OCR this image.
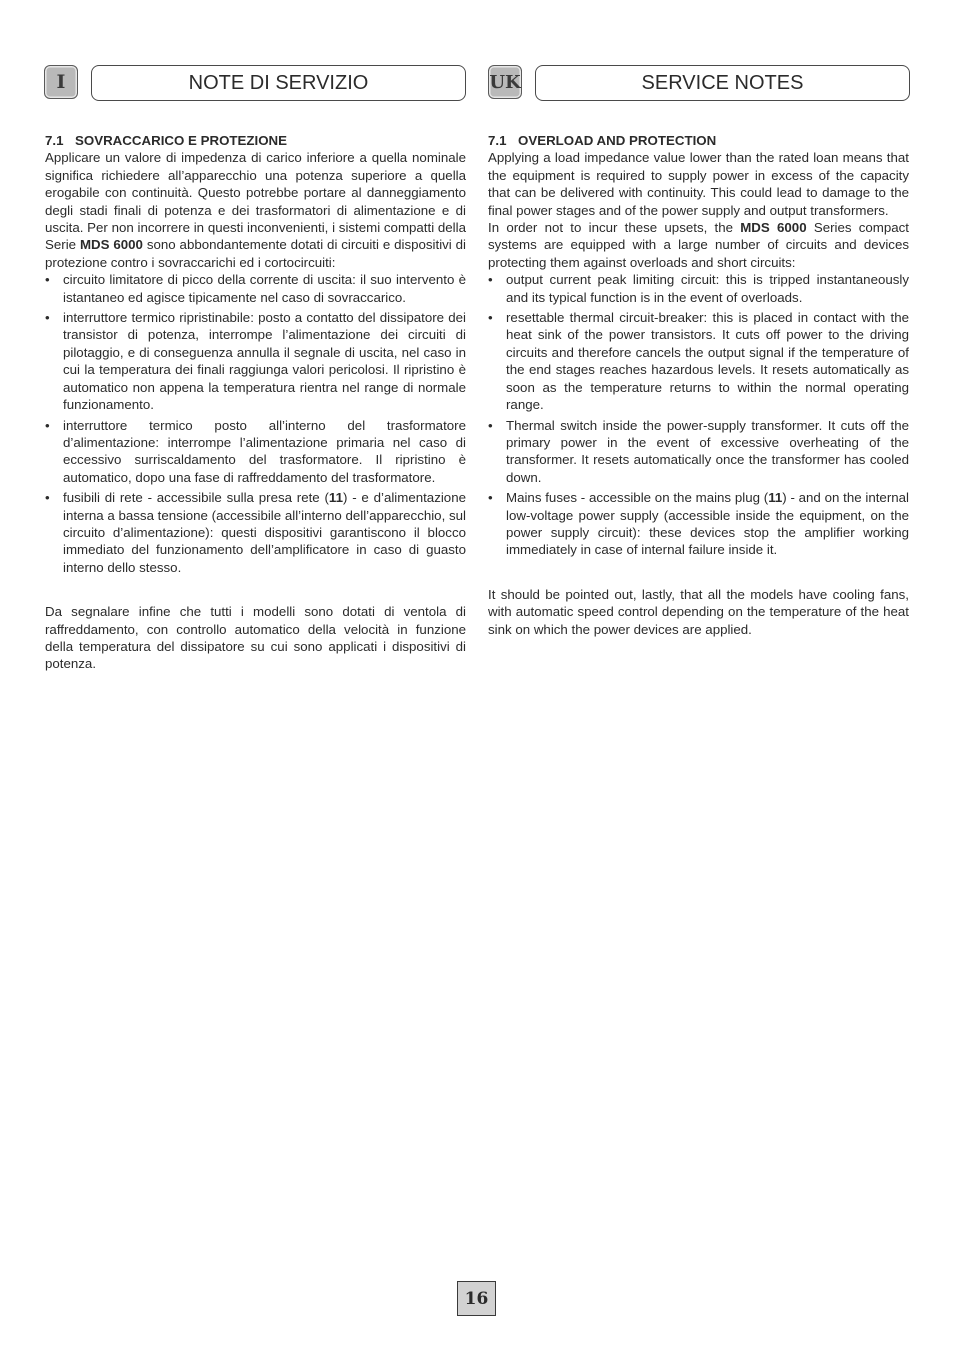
I	NOTE DI SERVIZIO	UK	SERVICE NOTES

7.1 SOVRACCARICO E PROTEZIONE

Applicare un valore di impedenza di carico inferiore a quella nominale significa richiedere all’apparecchio una potenza superiore a quella erogabile con continuità. Questo potrebbe portare al danneggiamento degli stadi finali di potenza e dei trasformatori di alimentazione e di uscita. Per non incorrere in questi inconvenienti, i sistemi compatti della Serie MDS 6000 sono abbondantemente dotati di circuiti e dispositivi di protezione contro i sovraccarichi ed i cortocircuiti:

• circuito limitatore di picco della corrente di uscita: il suo intervento è istantaneo ed agisce tipicamente nel caso di sovraccarico.
• interruttore termico ripristinabile: posto a contatto del dissipatore dei transistor di potenza, interrompe l’alimentazione dei circuiti di pilotaggio, e di conseguenza annulla il segnale di uscita, nel caso in cui la temperatura dei finali raggiunga valori pericolosi. Il ripristino è automatico non appena la temperatura rientra nel range di normale funzionamento.
• interruttore termico posto all’interno del trasformatore d’alimentazione: interrompe l’alimentazione primaria nel caso di eccessivo surriscaldamento del trasformatore. Il ripristino è automatico, dopo una fase di raffreddamento del trasformatore.
• fusibili di rete - accessibile sulla presa rete (11) - e d’alimentazione interna a bassa tensione (accessibile all’interno dell’apparecchio, sul circuito d’alimentazione): questi dispositivi garantiscono il blocco immediato del funzionamento dell’amplificatore in caso di guasto interno dello stesso.

Da segnalare infine che tutti i modelli sono dotati di ventola di raffreddamento, con controllo automatico della velocità in funzione della temperatura del dissipatore su cui sono applicati i dispositivi di potenza.

7.1 OVERLOAD AND PROTECTION

Applying a load impedance value lower than the rated loan means that the equipment is required to supply power in excess of the capacity that can be delivered with continuity. This could lead to damage to the final power stages and of the power supply and output transformers.

In order not to incur these upsets, the MDS 6000 Series compact systems are equipped with a large number of circuits and devices protecting them against overloads and short circuits:

• output current peak limiting circuit: this is tripped instantaneously and its typical function is in the event of overloads.
• resettable thermal circuit-breaker: this is placed in contact with the heat sink of the power transistors. It cuts off power to the driving circuits and therefore cancels the output signal if the temperature of the end stages reaches hazardous levels. It resets automatically as soon as the temperature returns to within the normal operating range.
• Thermal switch inside the power-supply transformer. It cuts off the primary power in the event of excessive overheating of the transformer. It resets automatically once the transformer has cooled down.
• Mains fuses - accessible on the mains plug (11) - and on the internal low-voltage power supply (accessible inside the equipment, on the power supply circuit): these devices stop the amplifier working immediately in case of internal failure inside it.

It should be pointed out, lastly, that all the models have cooling fans, with automatic speed control depending on the temperature of the heat sink on which the power devices are applied.

16
